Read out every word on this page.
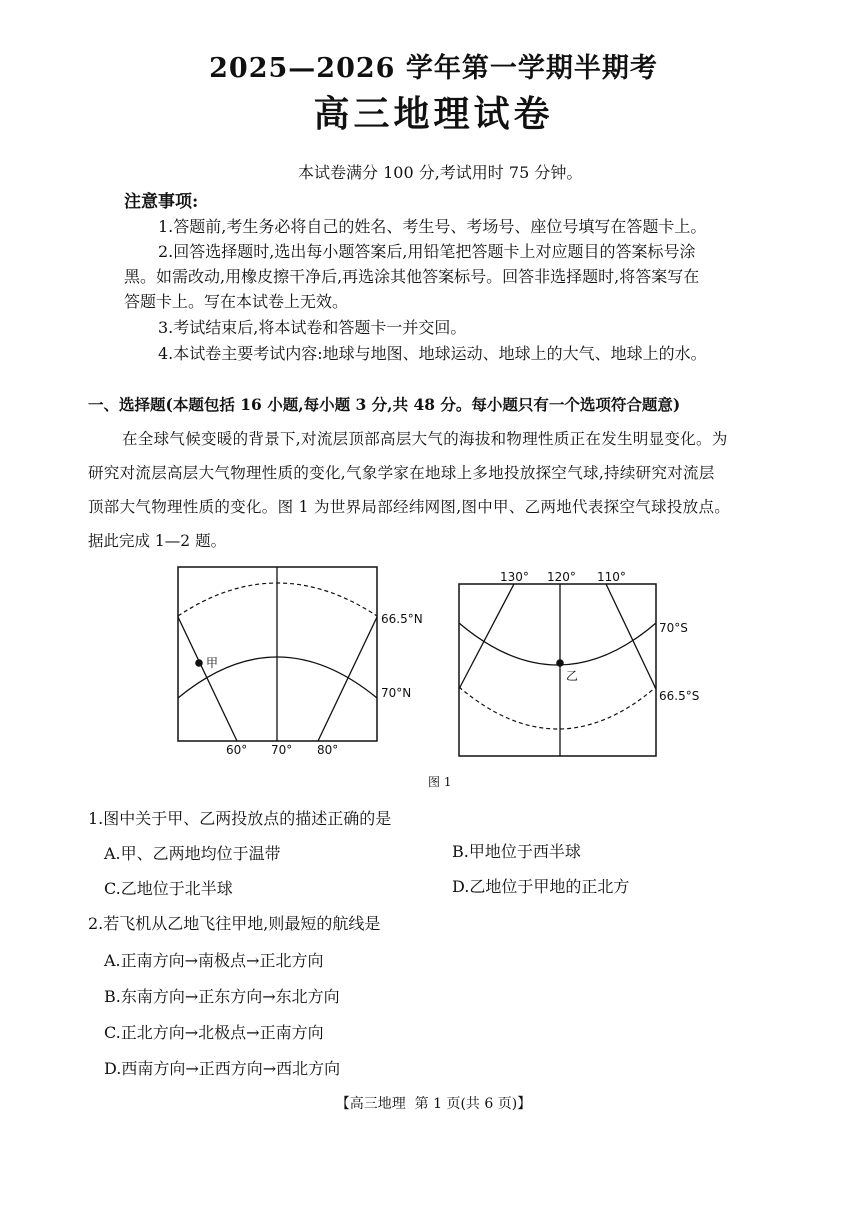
2025—2026 学年第一学期半期考
高三地理试卷
本试卷满分 100 分,考试用时 75 分钟。
注意事项:
1.答题前,考生务必将自己的姓名、考生号、考场号、座位号填写在答题卡上。
2.回答选择题时,选出每小题答案后,用铅笔把答题卡上对应题目的答案标号涂
黑。如需改动,用橡皮擦干净后,再选涂其他答案标号。回答非选择题时,将答案写在
答题卡上。写在本试卷上无效。
3.考试结束后,将本试卷和答题卡一并交回。
4.本试卷主要考试内容:地球与地图、地球运动、地球上的大气、地球上的水。
一、选择题(本题包括 16 小题,每小题 3 分,共 48 分。每小题只有一个选项符合题意)
在全球气候变暖的背景下,对流层顶部高层大气的海拔和物理性质正在发生明显变化。为
研究对流层高层大气物理性质的变化,气象学家在地球上多地投放探空气球,持续研究对流层
顶部大气物理性质的变化。图 1 为世界局部经纬网图,图中甲、乙两地代表探空气球投放点。
据此完成 1—2 题。
甲
66.5°N
70°N
60° 70° 80°
乙
130° 120° 110°
70°S
66.5°S
图 1
1.图中关于甲、乙两投放点的描述正确的是
A.甲、乙两地均位于温带	B.甲地位于西半球
C.乙地位于北半球	D.乙地位于甲地的正北方
2.若飞机从乙地飞往甲地,则最短的航线是
A.正南方向→南极点→正北方向
B.东南方向→正东方向→东北方向
C.正北方向→北极点→正南方向
D.西南方向→正西方向→西北方向
【高三地理  第 1 页(共 6 页)】
